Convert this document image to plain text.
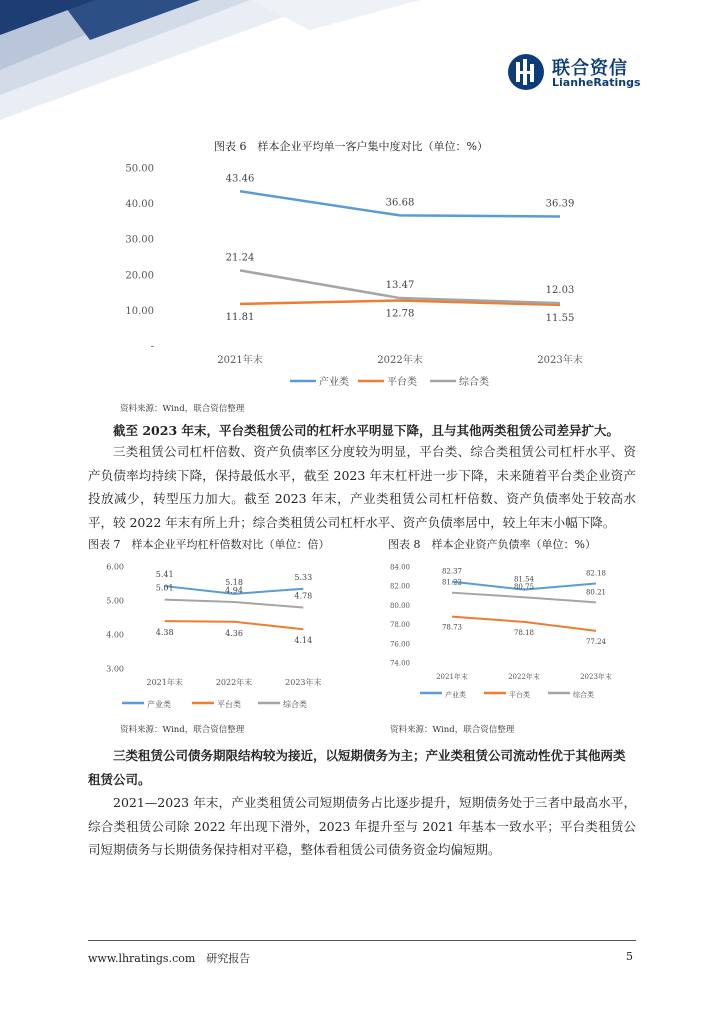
联合资信
LianheRatings
图表 6　样本企业平均单一客户集中度对比（单位：%）
-
10.00
20.00
30.00
40.00
50.00
2021年末	2022年末	2023年末
43.46
36.68	36.39
产业类
11.81	12.78	11.55
平台类
21.24
13.47	12.03
综合类
资料来源：Wind，联合资信整理
截至 2023 年末，平台类租赁公司的杠杆水平明显下降，且与其他两类租赁公司差异扩大。
三类租赁公司杠杆倍数、资产负债率区分度较为明显，平台类、综合类租赁公司杠杆水平、资产负债率均持续下降，保持最低水平，截至 2023 年末杠杆进一步下降，未来随着平台类企业资产投放减少，转型压力加大。截至 2023 年末，产业类租赁公司杠杆倍数、资产负债率处于较高水平，较 2022 年末有所上升；综合类租赁公司杠杆水平、资产负债率居中，较上年末小幅下降。
图表 7　样本企业平均杠杆倍数对比（单位：倍）
3.00
4.00
5.00
6.00
2021年末	2022年末	2023年末
5.41
5.18
5.33
产业类
4.38	4.36
4.14
平台类
5.01	4.94
4.78
综合类
资料来源：Wind，联合资信整理
图表 8　样本企业资产负债率（单位：%）
74.00
76.00
78.00
80.00
82.00
84.00
2021年末	2022年末	2023年末
82.37
81.54
82.18
产业类
78.73
78.18
77.24
平台类
81.22
80.75
80.21
综合类
资料来源：Wind，联合资信整理
三类租赁公司债务期限结构较为接近，以短期债务为主；产业类租赁公司流动性优于其他两类租赁公司。
2021—2023 年末，产业类租赁公司短期债务占比逐步提升，短期债务处于三者中最高水平，综合类租赁公司除 2022 年出现下滑外，2023 年提升至与 2021 年基本一致水平；平台类租赁公司短期债务与长期债务保持相对平稳，整体看租赁公司债务资金均偏短期。
www.lhratings.com　研究报告	5
